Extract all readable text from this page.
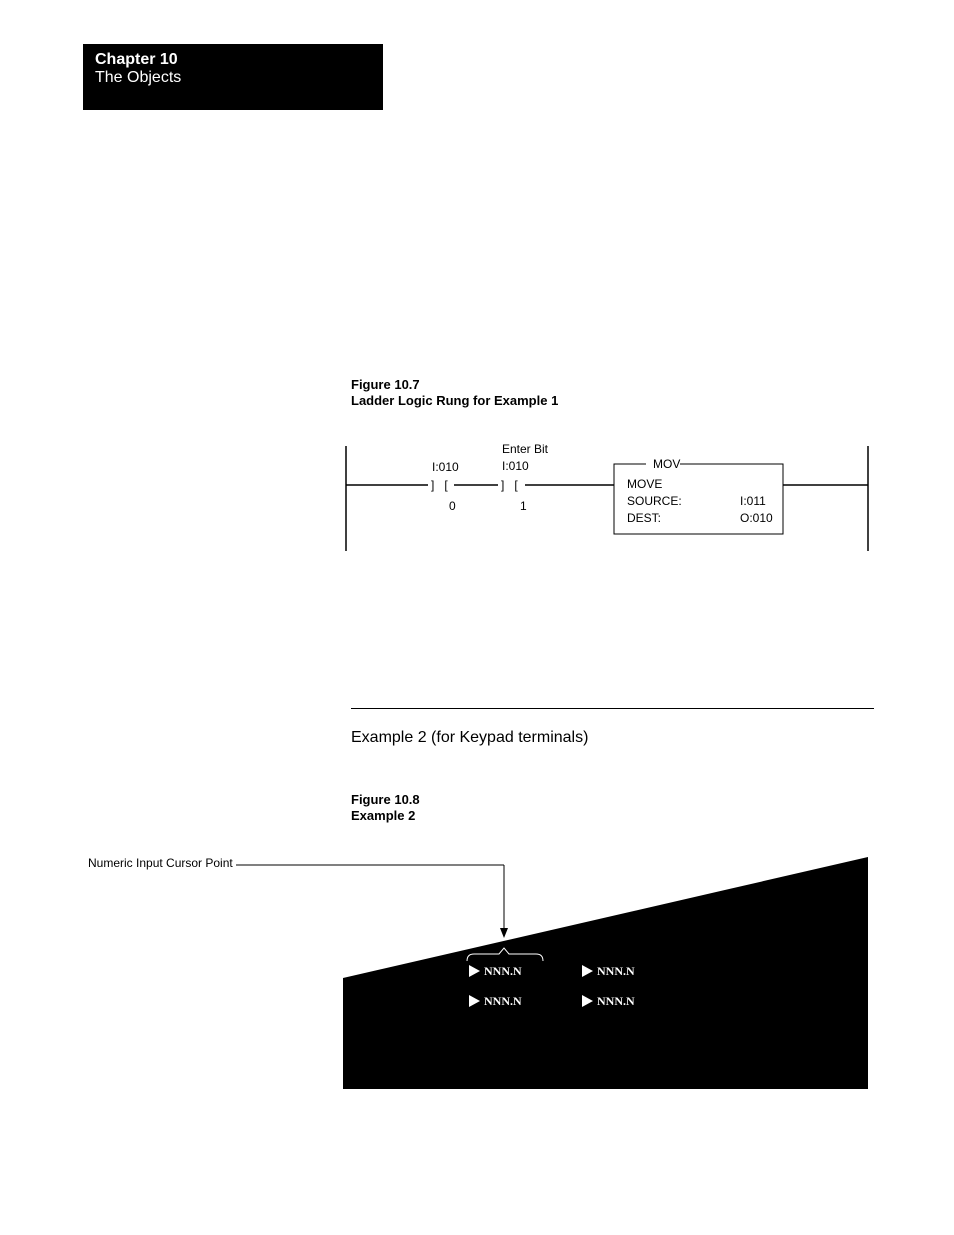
Chapter 10
The Objects
Figure 10.7
Ladder Logic Rung for Example 1
I:010
]   [
0
Enter Bit
I:010
]   [
1
MOV
MOVE
SOURCE:	I:011
DEST:	O:010
Example 2 (for Keypad terminals)
Figure 10.8
Example 2
Numeric Input Cursor Point
NNN.N	NNN.N
NNN.N	NNN.N
